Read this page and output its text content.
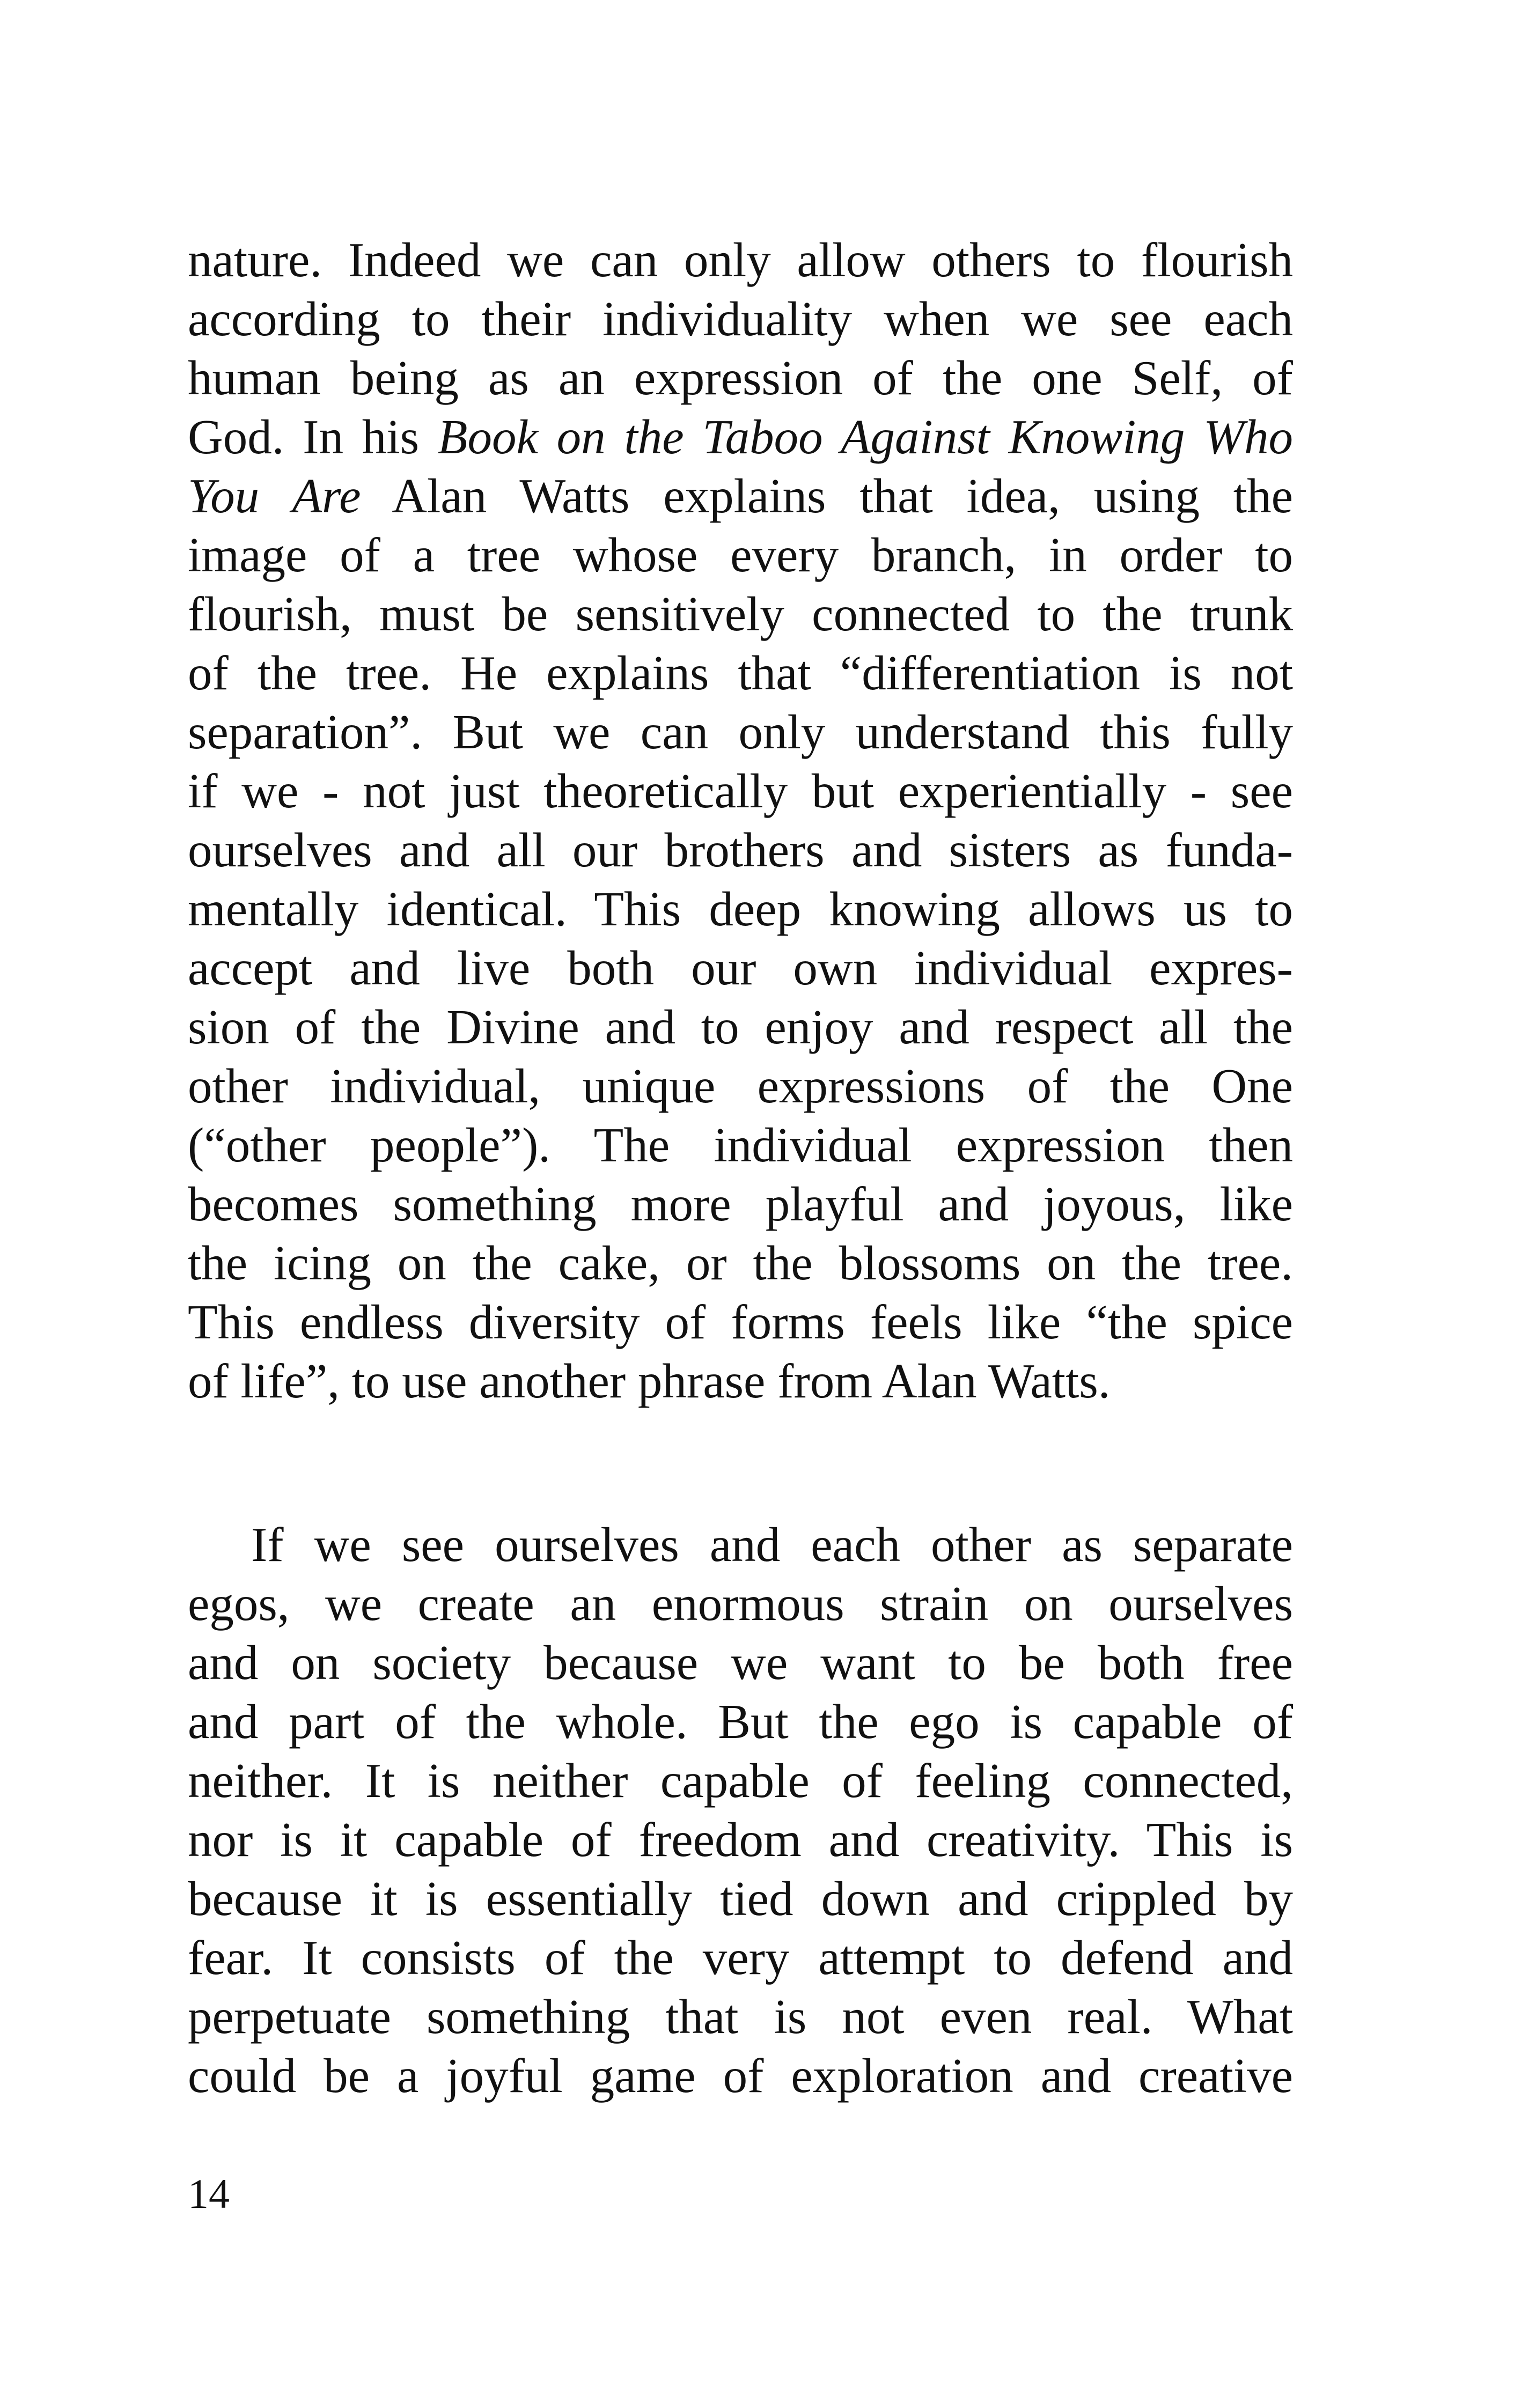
nature. Indeed we can only allow others to flourish
according to their individuality when we see each
human being as an expression of the one Self, of
God. In his Book on the Taboo Against Knowing Who
You Are Alan Watts explains that idea, using the
image of a tree whose every branch, in order to
flourish, must be sensitively connected to the trunk
of the tree. He explains that “differentiation is not
separation”. But we can only understand this fully
if we - not just theoretically but experientially - see
ourselves and all our brothers and sisters as funda-
mentally identical. This deep knowing allows us to
accept and live both our own individual expres-
sion of the Divine and to enjoy and respect all the
other individual, unique expressions of the One
(“other people”). The individual expression then
becomes something more playful and joyous, like
the icing on the cake, or the blossoms on the tree.
This endless diversity of forms feels like “the spice
of life”, to use another phrase from Alan Watts.
If we see ourselves and each other as separate
egos, we create an enormous strain on ourselves
and on society because we want to be both free
and part of the whole. But the ego is capable of
neither. It is neither capable of feeling connected,
nor is it capable of freedom and creativity. This is
because it is essentially tied down and crippled by
fear. It consists of the very attempt to defend and
perpetuate something that is not even real. What
could be a joyful game of exploration and creative
14
